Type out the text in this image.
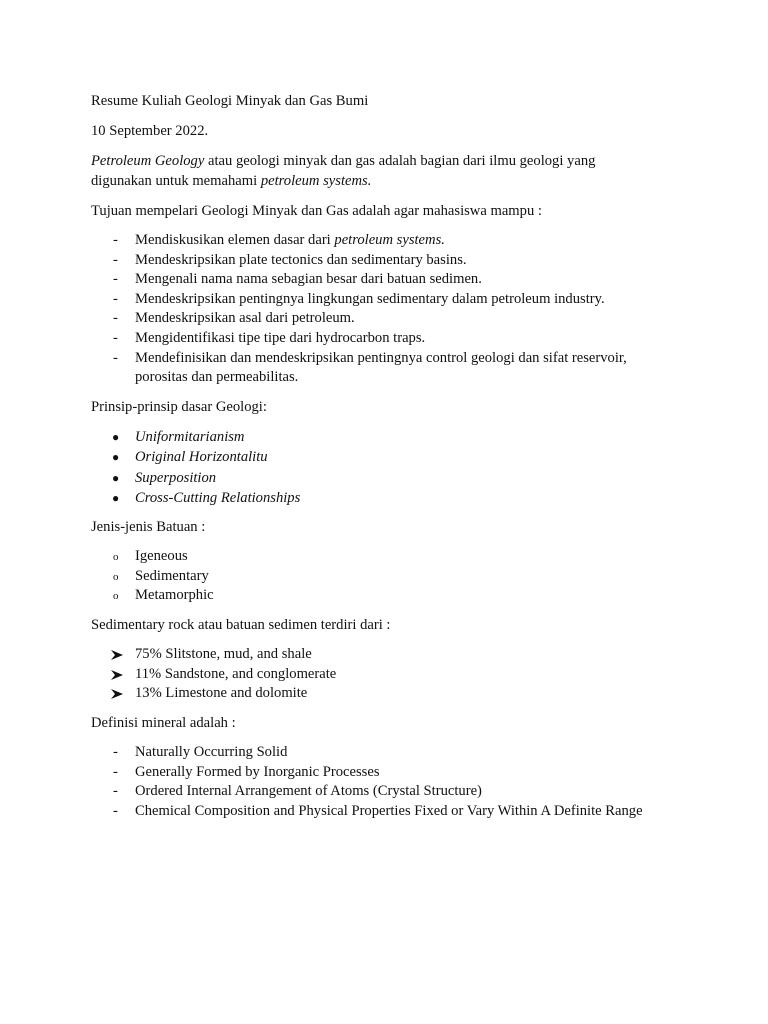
Resume Kuliah Geologi Minyak dan Gas Bumi

10 September 2022.

Petroleum Geology atau geologi minyak dan gas adalah bagian dari ilmu geologi yang
digunakan untuk memahami petroleum systems.

Tujuan mempelari Geologi Minyak dan Gas adalah agar mahasiswa mampu :

-	Mendiskusikan elemen dasar dari petroleum systems.
-	Mendeskripsikan plate tectonics dan sedimentary basins.
-	Mengenali nama nama sebagian besar dari batuan sedimen.
-	Mendeskripsikan pentingnya lingkungan sedimentary dalam petroleum industry.
-	Mendeskripsikan asal dari petroleum.
-	Mengidentifikasi tipe tipe dari hydrocarbon traps.
-	Mendefinisikan dan mendeskripsikan pentingnya control geologi dan sifat reservoir,
porositas dan permeabilitas.

Prinsip-prinsip dasar Geologi:

●	Uniformitarianism
●	Original Horizontalitu
●	Superposition
●	Cross-Cutting Relationships

Jenis-jenis Batuan :

o	Igeneous
o	Sedimentary
o	Metamorphic

Sedimentary rock atau batuan sedimen terdiri dari :

75% Slitstone, mud, and shale
11% Sandstone, and conglomerate
13% Limestone and dolomite

Definisi mineral adalah :

-	Naturally Occurring Solid
-	Generally Formed by Inorganic Processes
-	Ordered Internal Arrangement of Atoms (Crystal Structure)
-	Chemical Composition and Physical Properties Fixed or Vary Within A Definite Range
